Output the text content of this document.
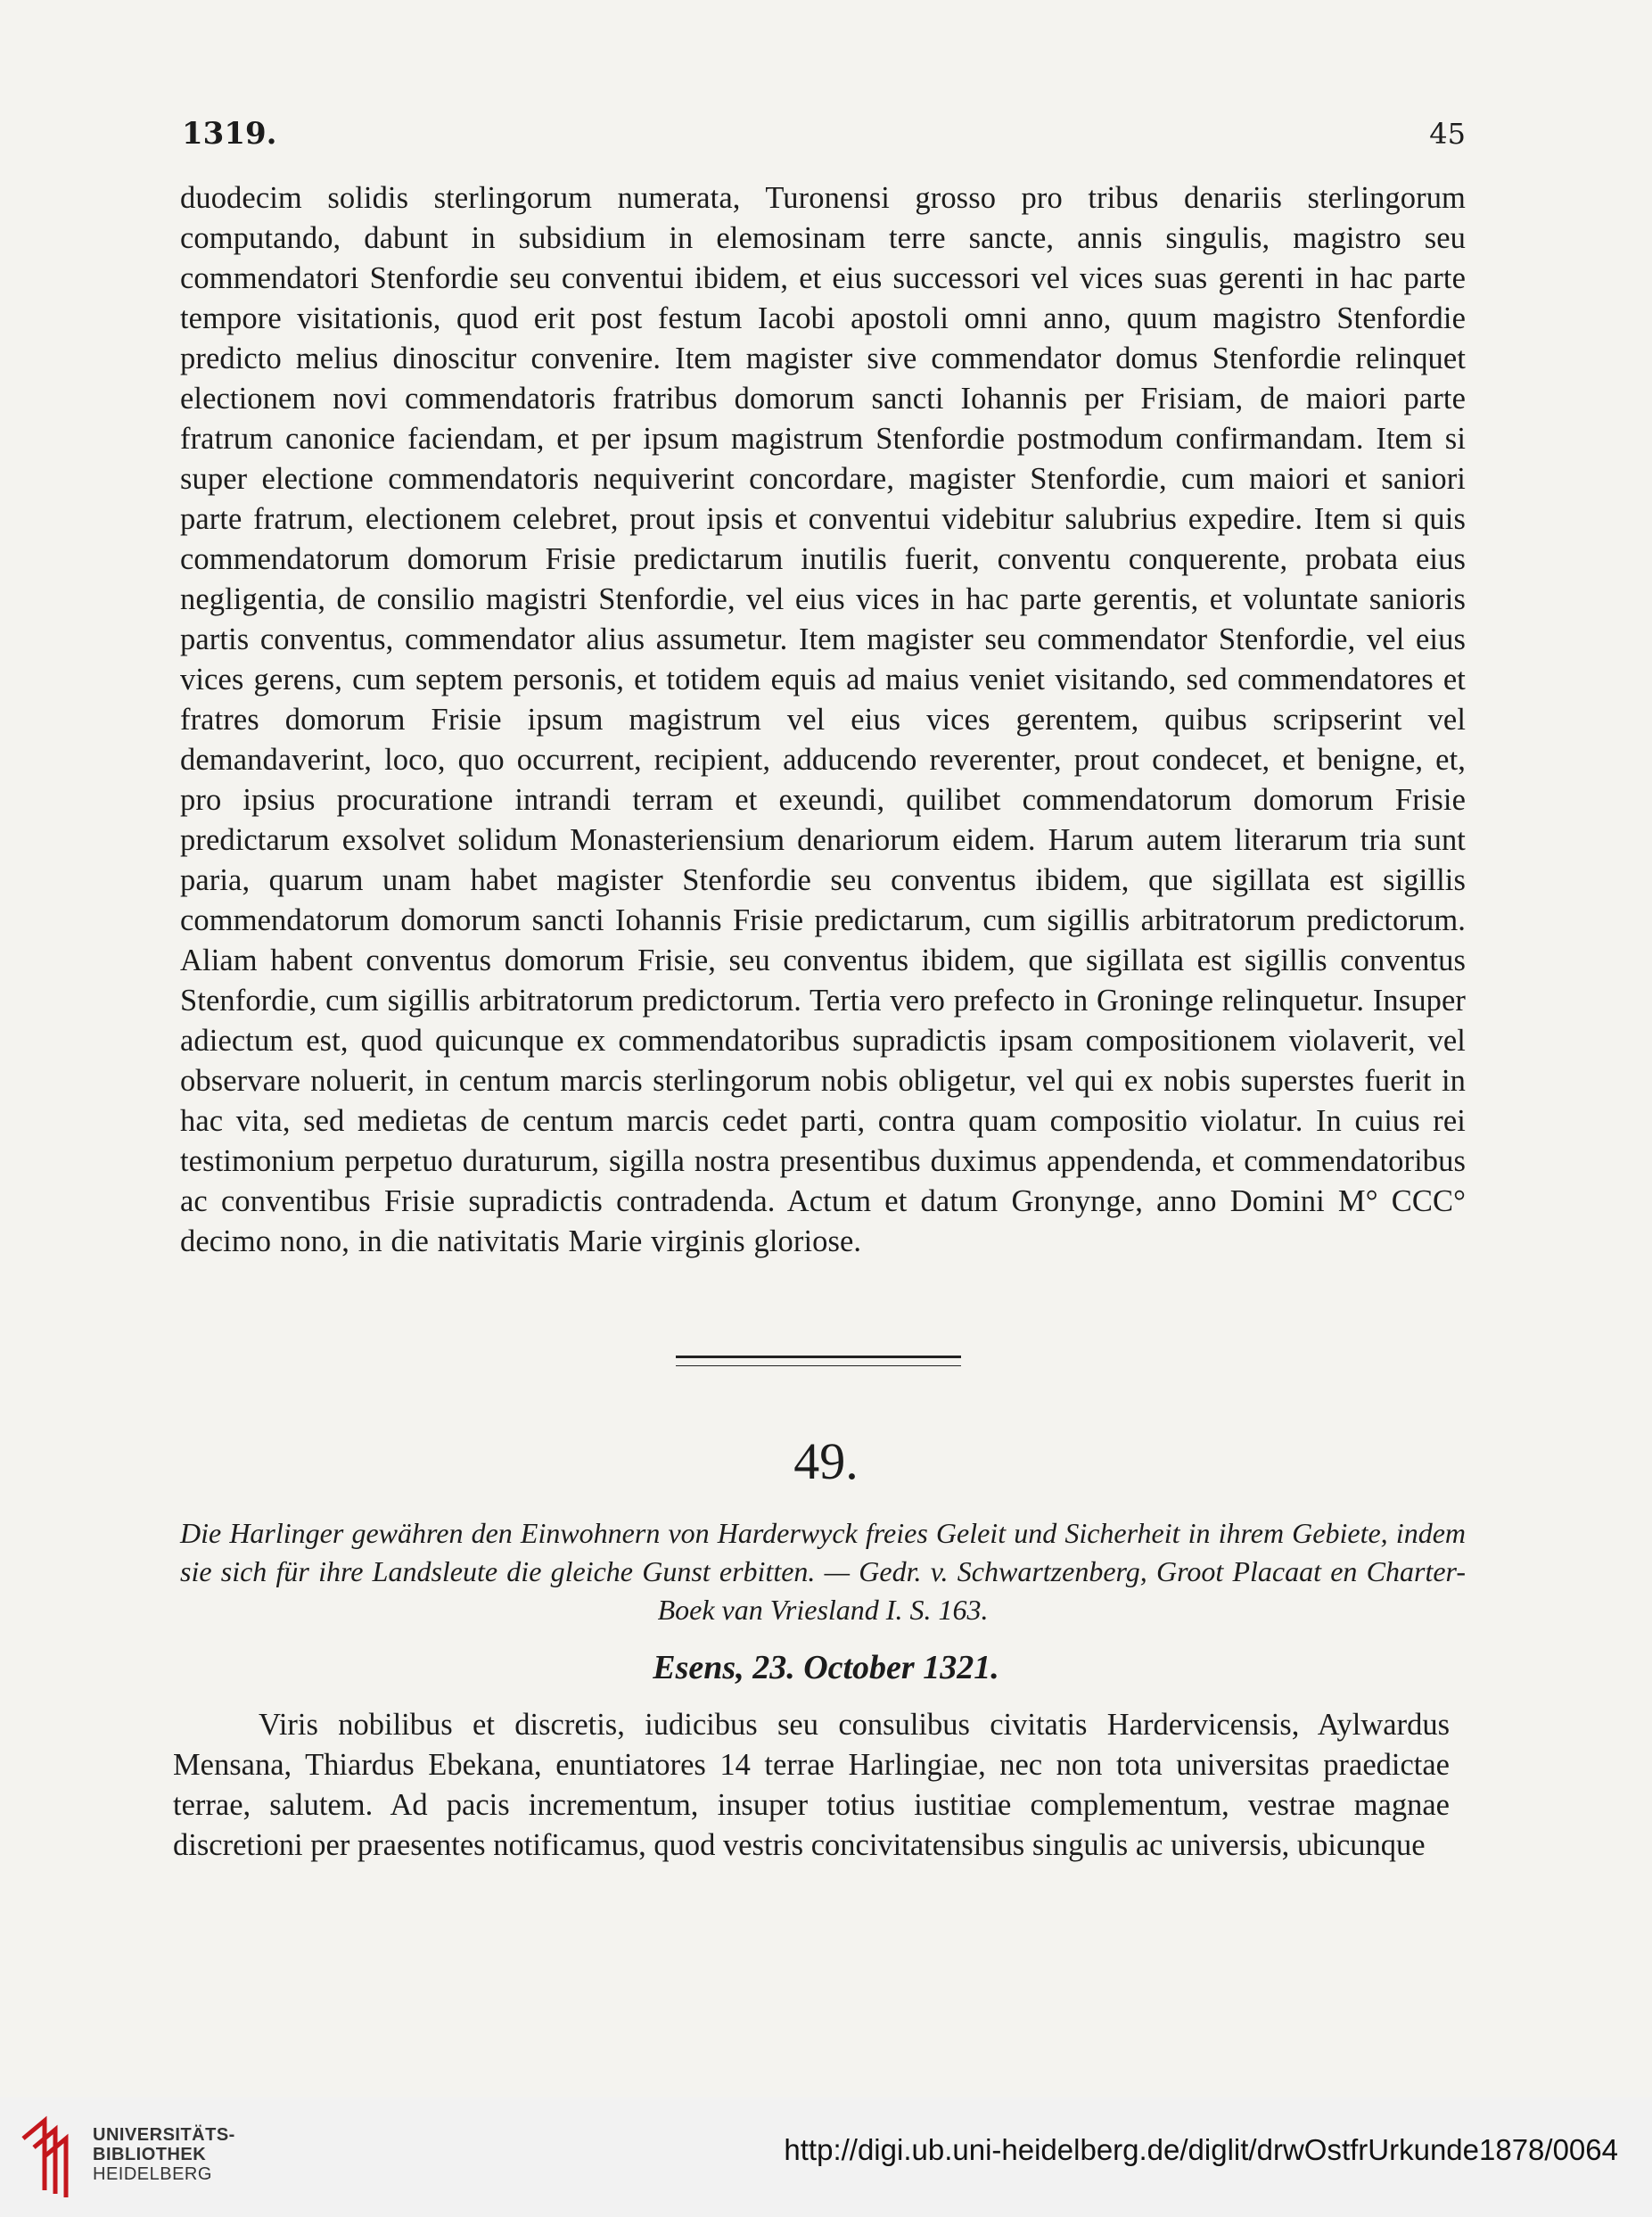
1319.	45
duodecim solidis sterlingorum numerata, Turonensi grosso pro tribus denariis sterlingorum computando, dabunt in subsidium in elemosinam terre sancte, annis singulis, magistro seu commendatori Stenfordie seu conventui ibidem, et eius successori vel vices suas gerenti in hac parte tempore visitationis, quod erit post festum Iacobi apostoli omni anno, quum magistro Stenfordie predicto melius dinoscitur convenire. Item magister sive commendator domus Stenfordie relinquet electionem novi commendatoris fratribus domorum sancti Iohannis per Frisiam, de maiori parte fratrum canonice faciendam, et per ipsum magistrum Stenfordie postmodum confirmandam. Item si super electione commendatoris nequiverint concordare, magister Stenfordie, cum maiori et saniori parte fratrum, electionem celebret, prout ipsis et conventui videbitur salubrius expedire. Item si quis commendatorum domorum Frisie predictarum inutilis fuerit, conventu conquerente, probata eius negligentia, de consilio magistri Stenfordie, vel eius vices in hac parte gerentis, et voluntate sanioris partis conventus, commendator alius assumetur. Item magister seu commendator Stenfordie, vel eius vices gerens, cum septem personis, et totidem equis ad maius veniet visitando, sed commendatores et fratres domorum Frisie ipsum magistrum vel eius vices gerentem, quibus scripserint vel demandaverint, loco, quo occurrent, recipient, adducendo reverenter, prout condecet, et benigne, et, pro ipsius procuratione intrandi terram et exeundi, quilibet commendatorum domorum Frisie predictarum exsolvet solidum Monasteriensium denariorum eidem. Harum autem literarum tria sunt paria, quarum unam habet magister Stenfordie seu conventus ibidem, que sigillata est sigillis commendatorum domorum sancti Iohannis Frisie predictarum, cum sigillis arbitratorum predictorum. Aliam habent conventus domorum Frisie, seu conventus ibidem, que sigillata est sigillis conventus Stenfordie, cum sigillis arbitratorum predictorum. Tertia vero prefecto in Groninge relinquetur. Insuper adiectum est, quod quicunque ex commendatoribus supradictis ipsam compositionem violaverit, vel observare noluerit, in centum marcis sterlingorum nobis obligetur, vel qui ex nobis superstes fuerit in hac vita, sed medietas de centum marcis cedet parti, contra quam compositio violatur. In cuius rei testimonium perpetuo duraturum, sigilla nostra presentibus duximus appendenda, et commendatoribus ac conventibus Frisie supradictis contradenda. Actum et datum Gronynge, anno Domini M° CCC° decimo nono, in die nativitatis Marie virginis gloriose.
49.
Die Harlinger gewähren den Einwohnern von Harderwyck freies Geleit und Sicherheit in ihrem Gebiete, indem sie sich für ihre Landsleute die gleiche Gunst erbitten. — Gedr. v. Schwartzenberg, Groot Placaat en Charter-Boek van Vriesland I. S. 163.
Esens, 23. October 1321.
Viris nobilibus et discretis, iudicibus seu consulibus civitatis Hardervicensis, Aylwardus Mensana, Thiardus Ebekana, enuntiatores 14 terrae Harlingiae, nec non tota universitas praedictae terrae, salutem. Ad pacis incrementum, insuper totius iustitiae complementum, vestrae magnae discretioni per praesentes notificamus, quod vestris concivitatensibus singulis ac universis, ubicunque
UNIVERSITÄTS-
BIBLIOTHEK
HEIDELBERG
http://digi.ub.uni-heidelberg.de/diglit/drwOstfrUrkunde1878/0064
